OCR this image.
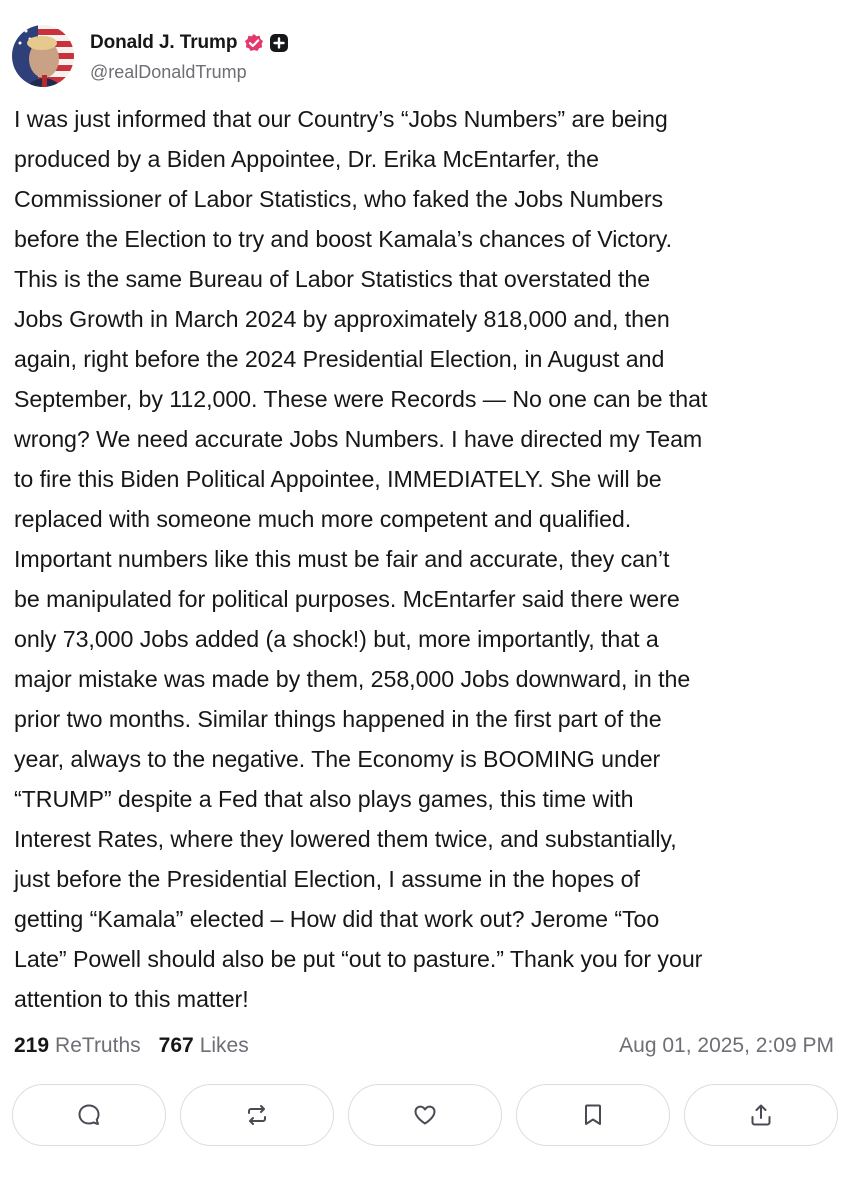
Donald J. Trump
@realDonaldTrump
I was just informed that our Country’s “Jobs Numbers” are being
produced by a Biden Appointee, Dr. Erika McEntarfer, the
Commissioner of Labor Statistics, who faked the Jobs Numbers
before the Election to try and boost Kamala’s chances of Victory.
This is the same Bureau of Labor Statistics that overstated the
Jobs Growth in March 2024 by approximately 818,000 and, then
again, right before the 2024 Presidential Election, in August and
September, by 112,000. These were Records — No one can be that
wrong? We need accurate Jobs Numbers. I have directed my Team
to fire this Biden Political Appointee, IMMEDIATELY. She will be
replaced with someone much more competent and qualified.
Important numbers like this must be fair and accurate, they can’t
be manipulated for political purposes. McEntarfer said there were
only 73,000 Jobs added (a shock!) but, more importantly, that a
major mistake was made by them, 258,000 Jobs downward, in the
prior two months. Similar things happened in the first part of the
year, always to the negative. The Economy is BOOMING under
“TRUMP” despite a Fed that also plays games, this time with
Interest Rates, where they lowered them twice, and substantially,
just before the Presidential Election, I assume in the hopes of
getting “Kamala” elected – How did that work out? Jerome “Too
Late” Powell should also be put “out to pasture.” Thank you for your
attention to this matter!
219 ReTruths 767 Likes	Aug 01, 2025, 2:09 PM
